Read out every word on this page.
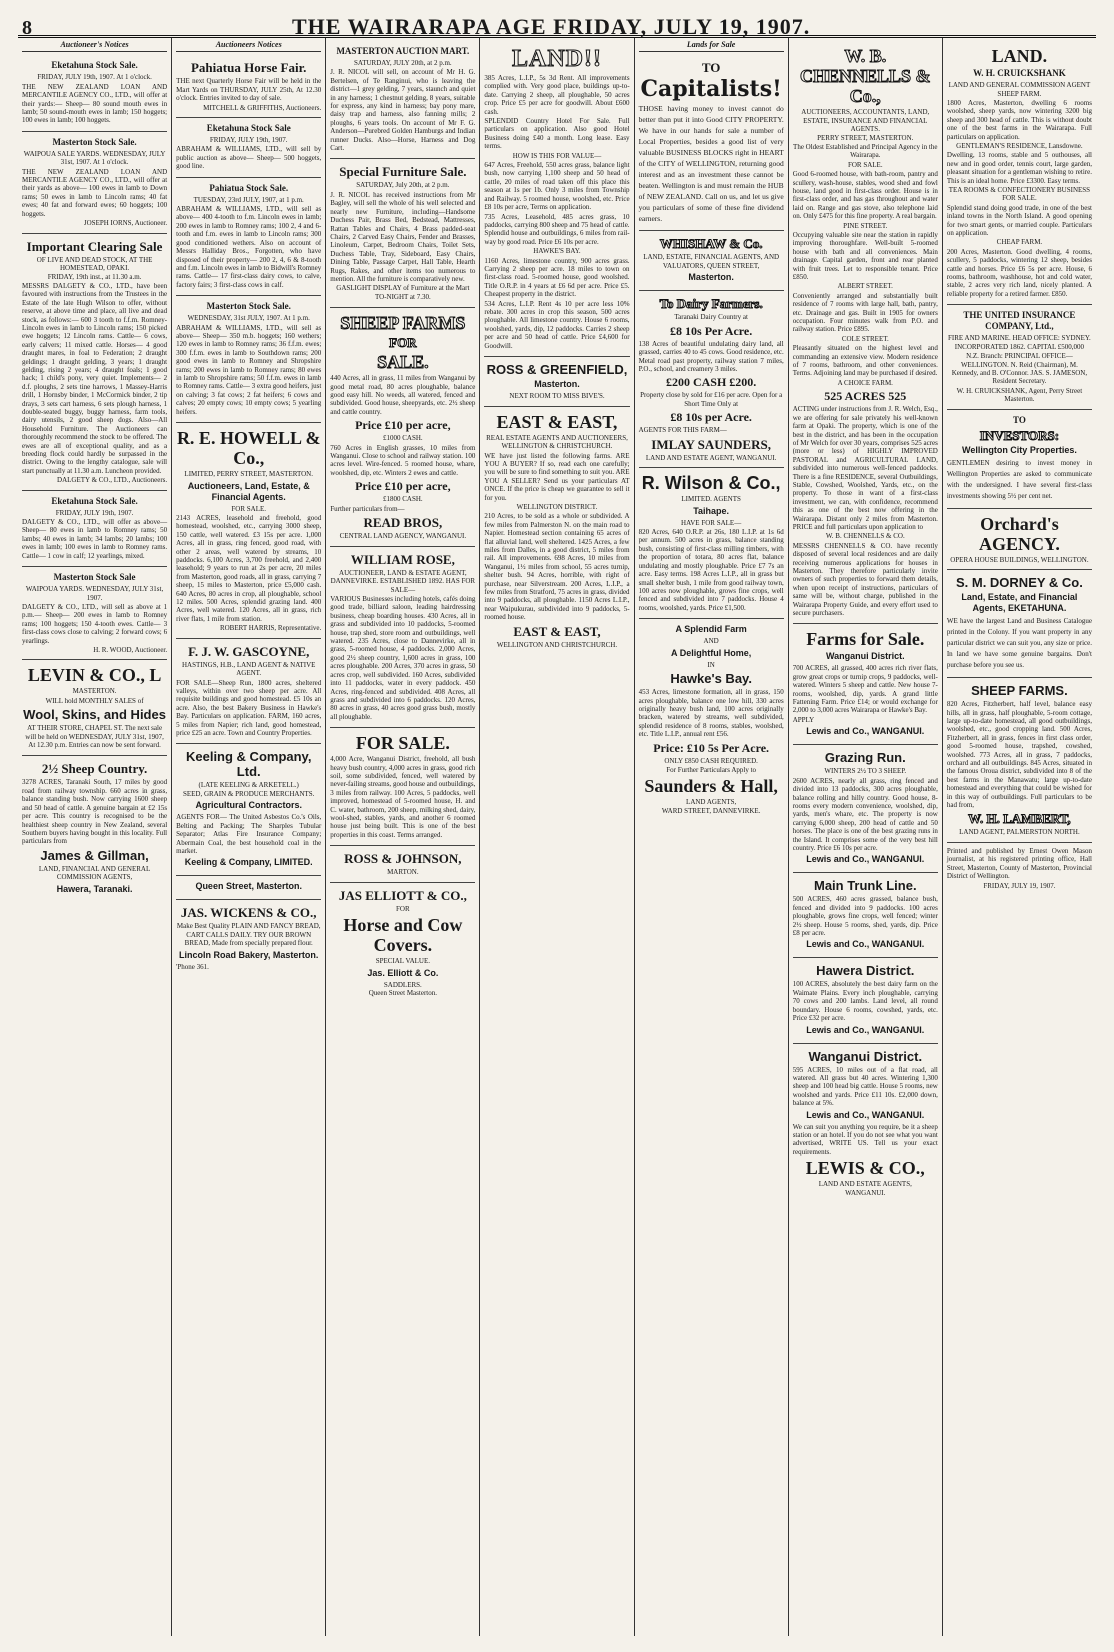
8	THE WAIRARAPA AGE FRIDAY, JULY 19, 1907.
Auctioneer's Notices
Eketahuna Stock Sale.
FRIDAY, JULY 19th, 1907. At 1 o'clock.

THE NEW ZEALAND LOAN AND MERCANTILE AGENCY CO., LTD., will offer at their yards:— Sheep— 80 sound mouth ewes in lamb; 50 sound-mouth ewes in lamb; 150 hoggets; 100 ewes in lamb; 100 hoggets.

Masterton Stock Sale.
WAIPOUA SALE YARDS. WEDNESDAY, JULY 31st, 1907. At 1 o'clock.

THE NEW ZEALAND LOAN AND MERCANTILE AGENCY CO., LTD., will offer at their yards as above— 100 ewes in lamb to Down rams; 50 ewes in lamb to Lincoln rams; 40 fat ewes; 40 fat and forward ewes; 60 hoggets; 100 hoggets.

JOSEPH IORNS, Auctioneer.
Important Clearing Sale
OF LIVE AND DEAD STOCK, AT THE HOMESTEAD, OPAKI.
FRIDAY, 19th inst., at 11.30 a.m.

MESSRS DALGETY & CO., LTD., have been favoured with instructions from the Trustees in the Estate of the late Hugh Wilson to offer, without reserve, at above time and place, all live and dead stock, as follows:— 600 3 tooth to f.f.m. Romney-Lincoln ewes in lamb to Lincoln rams; 150 picked ewe hoggets; 12 Lincoln rams. Cattle— 6 cows, early calvers; 11 mixed cattle. Horses— 4 good draught mares, in foal to Federation; 2 draught geldings; 1 draught gelding, 3 years; 1 draught gelding, rising 2 years; 4 draught foals; 1 good hack; 1 child's pony, very quiet. Implements— 2 d.f. ploughs, 2 sets tine harrows, 1 Massey-Harris drill, 1 Hornsby binder, 1 McCormick binder, 2 tip drays, 3 sets cart harness, 6 sets plough harness, 1 double-seated buggy, buggy harness, farm tools, dairy utensils, 2 good sheep dogs. Also—All Household Furniture. The Auctioneers can thoroughly recommend the stock to be offered. The ewes are all of exceptional quality, and as a breeding flock could hardly be surpassed in the district. Owing to the lengthy catalogue, sale will start punctually at 11.30 a.m. Luncheon provided.

DALGETY & CO., LTD., Auctioneers.
Eketahuna Stock Sale.
FRIDAY, JULY 19th, 1907.

DALGETY & CO., LTD., will offer as above— Sheep— 80 ewes in lamb to Romney rams; 50 lambs; 40 ewes in lamb; 34 lambs; 20 lambs; 100 ewes in lamb; 100 ewes in lamb to Romney rams. Cattle— 1 cow in calf; 12 yearlings, mixed.

Masterton Stock Sale
WAIPOUA YARDS. WEDNESDAY, JULY 31st, 1907.

DALGETY & CO., LTD., will sell as above at 1 p.m.— Sheep— 200 ewes in lamb to Romney rams; 100 hoggets; 150 4-tooth ewes. Cattle— 3 first-class cows close to calving; 2 forward cows; 6 yearlings.

H. R. WOOD, Auctioneer.
LEVIN & CO., L
MASTERTON.

WILL hold MONTHLY SALES of

Wool, Skins, and Hides

AT THEIR STORE, CHAPEL ST. The next sale will be held on WEDNESDAY, JULY 31st, 1907, At 12.30 p.m. Entries can now be sent forward.

2½ Sheep Country.

3278 ACRES, Taranaki South, 17 miles by good road from railway township. 660 acres in grass, balance standing bush. Now carrying 1600 sheep and 50 head of cattle. A genuine bargain at £2 15s per acre. This country is recognised to be the healthiest sheep country in New Zealand, several Southern buyers having bought in this locality. Full particulars from

James & Gillman,
LAND, FINANCIAL AND GENERAL COMMISSION AGENTS,
Hawera, Taranaki.
Auctioneers Notices
Pahiatua Horse Fair.

THE next Quarterly Horse Fair will be held in the Mart Yards on THURSDAY, JULY 25th, At 12.30 o'clock. Entries invited to day of sale.

MITCHELL & GRIFFITHS, Auctioneers.
Eketahuna Stock Sale
FRIDAY, JULY 19th, 1907.

ABRAHAM & WILLIAMS, LTD., will sell by public auction as above— Sheep— 500 hoggets, good line.

Pahiatua Stock Sale.
TUESDAY, 23rd JULY, 1907, at 1 p.m.

ABRAHAM & WILLIAMS, LTD., will sell as above— 400 4-tooth to f.m. Lincoln ewes in lamb; 200 ewes in lamb to Romney rams; 100 2, 4 and 6-tooth and f.m. ewes in lamb to Lincoln rams; 300 good conditioned wethers. Also on account of Messrs Halliday Bros., Forgotten, who have disposed of their property— 200 2, 4, 6 & 8-tooth and f.m. Lincoln ewes in lamb to Bidwill's Romney rams. Cattle— 17 first-class dairy cows, to calve, factory fairs; 3 first-class cows in calf.

Masterton Stock Sale.
WEDNESDAY, 31st JULY, 1907. At 1 p.m.

ABRAHAM & WILLIAMS, LTD., will sell as above— Sheep— 350 m.b. hoggets; 160 wethers; 120 ewes in lamb to Romney rams; 36 f.f.m. ewes; 300 f.f.m. ewes in lamb to Southdown rams; 200 good ewes in lamb to Romney and Shropshire rams; 200 ewes in lamb to Romney rams; 80 ewes in lamb to Shropshire rams; 50 f.f.m. ewes in lamb to Romney rams. Cattle— 3 extra good heifers, just on calving; 3 fat cows; 2 fat heifers; 6 cows and calves; 20 empty cows; 10 empty cows; 5 yearling heifers.

R. E. HOWELL & Co.,
LIMITED, PERRY STREET, MASTERTON.
Auctioneers, Land, Estate, & Financial Agents.
FOR SALE.

2143 ACRES, leasehold and freehold, good homestead, woolshed, etc., carrying 3000 sheep, 150 cattle, well watered. £3 15s per acre. 1,000 Acres, all in grass, ring fenced, good road, with other 2 areas, well watered by streams, 10 paddocks. 6,100 Acres, 3,700 freehold, and 2,400 leasehold; 9 years to run at 2s per acre, 20 miles from Masterton, good roads, all in grass, carrying 7 sheep, 15 miles to Masterton, price £5,000 cash. 640 Acres, 80 acres in crop, all ploughable, school 12 miles. 500 Acres, splendid grazing land. 400 Acres, well watered. 120 Acres, all in grass, rich river flats, 1 mile from station.

ROBERT HARRIS, Representative.
F. J. W. GASCOYNE,
HASTINGS, H.B., LAND AGENT & NATIVE AGENT.

FOR SALE—Sheep Run, 1800 acres, sheltered valleys, within over two sheep per acre. All requisite buildings and good homestead. £5 10s an acre. Also, the best Bakery Business in Hawke's Bay. Particulars on application. FARM, 160 acres, 5 miles from Napier; rich land, good homestead, price £25 an acre. Town and Country Properties.

Keeling & Company, Ltd.
(LATE KEELING & ARKETELL.)
SEED, GRAIN & PRODUCE MERCHANTS.
Agricultural Contractors.

AGENTS FOR— The United Asbestos Co.'s Oils, Belting and Packing; The Sharples Tubular Separator; Atlas Fire Insurance Company; Abermain Coal, the best household coal in the market.

Keeling & Company, LIMITED.
Queen Street, Masterton.
JAS. WICKENS & CO.,

Make Best Quality PLAIN AND FANCY BREAD, CART CALLS DAILY. TRY OUR BROWN BREAD, Made from specially prepared flour.

Lincoln Road Bakery, Masterton.
'Phone 361.
MASTERTON AUCTION MART.
SATURDAY, JULY 20th, at 2 p.m.

J. R. NICOL will sell, on account of Mr H. G. Bertelsen, of Te Ranginui, who is leaving the district—1 grey gelding, 7 years, staunch and quiet in any harness; 1 chestnut gelding, 8 years, suitable for express, any kind in harness; bay pony mare, daisy trap and harness, also fanning mills; 2 ploughs, 6 years tools. On account of Mr F. G. Anderson—Purebred Golden Hamburgs and Indian runner Ducks. Also—Horse, Harness and Dog Cart.

Special Furniture Sale.
SATURDAY, July 20th, at 2 p.m.

J. R. NICOL has received instructions from Mr Bagley, will sell the whole of his well selected and nearly new Furniture, including—Handsome Duchess Pair, Brass Bed, Bedstead, Mattresses, Rattan Tables and Chairs, 4 Brass padded-seat Chairs, 2 Carved Easy Chairs, Fender and Brasses, Linoleum, Carpet, Bedroom Chairs, Toilet Sets, Duchess Table, Tray, Sideboard, Easy Chairs, Dining Table, Passage Carpet, Hall Table, Hearth Rugs, Rakes, and other items too numerous to mention. All the furniture is comparatively new.

GASLIGHT DISPLAY of Furniture at the Mart TO-NIGHT at 7.30.

SHEEP FARMS
FOR
SALE.

440 Acres, all in grass, 11 miles from Wanganui by good metal road, 80 acres ploughable, balance good easy hill. No weeds, all watered, fenced and subdivided. Good house, sheepyards, etc. 2½ sheep and cattle country.

Price £10 per acre,
£1000 CASH.

760 Acres in English grasses, 10 miles from Wanganui. Close to school and railway station. 100 acres level. Wire-fenced. 5 roomed house, whare, woolshed, dip, etc. Winters 2 ewes and cattle.

Price £10 per acre,
£1800 CASH.

Further particulars from—

READ BROS,
CENTRAL LAND AGENCY, WANGANUI.
WILLIAM ROSE,
AUCTIONEER, LAND & ESTATE AGENT, DANNEVIRKE. ESTABLISHED 1892. HAS FOR SALE—

VARIOUS Businesses including hotels, cafés doing good trade, billiard saloon, leading hairdressing business, cheap boarding houses. 430 Acres, all in grass and subdivided into 10 paddocks, 5-roomed house, trap shed, store room and outbuildings, well watered. 235 Acres, close to Dannevirke, all in grass, 5-roomed house, 4 paddocks. 2,000 Acres, good 2½ sheep country, 1,600 acres in grass, 100 acres ploughable. 200 Acres, 370 acres in grass, 50 acres crop, well subdivided. 160 Acres, subdivided into 11 paddocks, water in every paddock. 450 Acres, ring-fenced and subdivided. 408 Acres, all grass and subdivided into 6 paddocks. 120 Acres, 80 acres in grass, 40 acres good grass bush, mostly all ploughable.

FOR SALE.

4,000 Acre, Wanganui District, freehold, all bush heavy bush country, 4,000 acres in grass, good rich soil, some subdivided, fenced, well watered by never-failing streams, good house and outbuildings, 3 miles from railway. 100 Acres, 5 paddocks, well improved, homestead of 5-roomed house, H. and C. water, bathroom, 200 sheep, milking shed, dairy, wool-shed, stables, yards, and another 6 roomed house just being built. This is one of the best properties in this coast. Terms arranged.

ROSS & JOHNSON,
MARTON.
JAS ELLIOTT & CO.,
FOR
Horse and Cow Covers.
SPECIAL VALUE.
Jas. Elliott & Co.
SADDLERS.
Queen Street Masterton.
LAND!!

385 Acres, L.I.P., 5s 3d Rent. All improvements complied with. Very good place, buildings up-to-date. Carrying 2 sheep, all ploughable, 50 acres crop. Price £5 per acre for goodwill. About £600 cash.

SPLENDID Country Hotel For Sale. Full particulars on application. Also good Hotel Business doing £40 a month. Long lease. Easy terms.

HOW IS THIS FOR VALUE—

647 Acres, Freehold, 550 acres grass, balance light bush, now carrying 1,100 sheep and 50 head of cattle, 20 miles of road taken off this place this season at 1s per 1b. Only 3 miles from Township and Railway. 5 roomed house, woolshed, etc. Price £8 10s per acre, Terms on application.

735 Acres, Leasehold, 485 acres grass, 10 paddocks, carrying 800 sheep and 75 head of cattle. Splendid house and outbuildings, 6 miles from rail-way by good road. Price £6 10s per acre.

HAWKE'S BAY.

1160 Acres, limestone country, 900 acres grass. Carrying 2 sheep per acre. 18 miles to town on first-class road. 5-roomed house, good woolshed. Title O.R.P. in 4 years at £6 6d per acre. Price £5. Cheapest property in the district.

534 Acres, L.I.P. Rent 4s 10 per acre less 10% rebate. 300 acres in crop this season, 500 acres ploughable. All limestone country. House 6 rooms, woolshed, yards, dip, 12 paddocks. Carries 2 sheep per acre and 50 head of cattle. Price £4,600 for Goodwill.

ROSS & GREENFIELD,
Masterton.
NEXT ROOM TO MISS BIVE'S.
EAST & EAST,
REAL ESTATE AGENTS AND AUCTIONEERS, WELLINGTON & CHRISTCHURCH.

WE have just listed the following farms. ARE YOU A BUYER? If so, read each one carefully; you will be sure to find something to suit you. ARE YOU A SELLER? Send us your particulars AT ONCE. If the price is cheap we guarantee to sell it for you.

WELLINGTON DISTRICT.

210 Acres, to be sold as a whole or subdivided. A few miles from Palmerston N. on the main road to Napier. Homestead section containing 65 acres of flat alluvial land, well sheltered. 1425 Acres, a few miles from Dalles, in a good district, 5 miles from rail. All improvements. 698 Acres, 10 miles from Wanganui, 1½ miles from school, 55 acres turnip, shelter bush. 94 Acres, horrible, with right of purchase, near Silverstream. 200 Acres, L.I.P., a few miles from Stratford, 75 acres in grass, divided into 9 paddocks, all ploughable. 1150 Acres L.I.P., near Waipukurau, subdivided into 9 paddocks, 5-roomed house.

EAST & EAST,
WELLINGTON AND CHRISTCHURCH.
Lands for Sale
TO
Capitalists!

THOSE having money to invest cannot do better than put it into Good CITY PROPERTY. We have in our hands for sale a number of Local Properties, besides a good list of very valuable BUSINESS BLOCKS right in HEART of the CITY of WELLINGTON, returning good interest and as an investment these cannot be beaten. Wellington is and must remain the HUB of NEW ZEALAND. Call on us, and let us give you particulars of some of these fine dividend earners.

WHISHAW & Co.
LAND, ESTATE, FINANCIAL AGENTS, AND VALUATORS, QUEEN STREET,
Masterton.
To Dairy Farmers.
Taranaki Dairy Country at
£8 10s Per Acre.

138 Acres of beautiful undulating dairy land, all grassed, carries 40 to 45 cows. Good residence, etc. Metal road past property, railway station 7 miles, P.O., school, and creamery 3 miles.

£200 CASH £200.

Property close by sold for £16 per acre. Open for a Short Time Only at

£8 10s per Acre.

AGENTS FOR THIS FARM—

IMLAY SAUNDERS,
LAND AND ESTATE AGENT, WANGANUI.
R. Wilson & Co.,
LIMITED. AGENTS
Taihape.
HAVE FOR SALE—

820 Acres, 640 O.R.P. at 26s, 180 L.I.P. at 1s 6d per annum. 500 acres in grass, balance standing bush, consisting of first-class milling timbers, with the proportion of totara, 80 acres flat, balance undulating and mostly ploughable. Price £7 7s an acre. Easy terms. 198 Acres L.I.P., all in grass but small shelter bush, 1 mile from good railway town, 100 acres now ploughable, grows fine crops, well fenced and subdivided into 7 paddocks. House 4 rooms, woolshed, yards. Price £1,500.

A Splendid Farm
AND
A Delightful Home,
IN
Hawke's Bay.

453 Acres, limestone formation, all in grass, 150 acres ploughable, balance one low hill, 330 acres originally heavy bush land, 100 acres originally bracken, watered by streams, well subdivided, splendid residence of 8 rooms, stables, woolshed, etc. Title L.I.P., annual rent £56.

Price: £10 5s Per Acre.
ONLY £850 CASH REQUIRED.

For Further Particulars Apply to

Saunders & Hall,
LAND AGENTS,
WARD STREET, DANNEVIRKE.
W. B. CHENNELLS & Co.,
AUCTIONEERS, ACCOUNTANTS, LAND, ESTATE, INSURANCE AND FINANCIAL AGENTS.
PERRY STREET, MASTERTON.

The Oldest Established and Principal Agency in the Wairarapa.

FOR SALE.

Good 6-roomed house, with bath-room, pantry and scullery, wash-house, stables, wood shed and fowl house, land good in first-class order. House is in first-class order, and has gas throughout and water laid on. Range and gas stove, also telephone laid on. Only £475 for this fine property. A real bargain.

PINE STREET.

Occupying valuable site near the station in rapidly improving thoroughfare. Well-built 5-roomed house with bath and all conveniences. Main drainage. Capital garden, front and rear planted with fruit trees. Let to responsible tenant. Price £850.

ALBERT STREET.

Conveniently arranged and substantially built residence of 7 rooms with large hall, bath, pantry, etc. Drainage and gas. Built in 1905 for owners occupation. Four minutes walk from P.O. and railway station. Price £895.

COLE STREET.

Pleasantly situated on the highest level and commanding an extensive view. Modern residence of 7 rooms, bathroom, and other conveniences. Terms. Adjoining land may be purchased if desired.

A CHOICE FARM.
525 ACRES 525

ACTING under instructions from J. R. Welch, Esq., we are offering for sale privately his well-known farm at Opaki. The property, which is one of the best in the district, and has been in the occupation of Mr Welch for over 30 years, comprises 525 acres (more or less) of HIGHLY IMPROVED PASTORAL and AGRICULTURAL LAND, subdivided into numerous well-fenced paddocks. There is a fine RESIDENCE, several Outbuildings, Stable, Cowshed, Woolshed, Yards, etc., on the property. To those in want of a first-class investment, we can, with confidence, recommend this as one of the best now offering in the Wairarapa. Distant only 2 miles from Masterton. PRICE and full particulars upon application to

W. B. CHENNELLS & CO.

MESSRS CHENNELLS & CO. have recently disposed of several local residences and are daily receiving numerous applications for houses in Masterton. They therefore particularly invite owners of such properties to forward them details, when upon receipt of instructions, particulars of same will be, without charge, published in the Wairarapa Property Guide, and every effort used to secure purchasers.

Farms for Sale.
Wanganui District.

700 ACRES, all grassed, 400 acres rich river flats, grow great crops or turnip crops, 9 paddocks, well-watered. Winters 5 sheep and cattle. New house 7-rooms, woolshed, dip, yards. A grand little Fattening Farm. Price £14; or would exchange for 2,000 to 3,000 acres Wairarapa or Hawke's Bay.

APPLY
Lewis and Co., WANGANUI.
Grazing Run.
WINTERS 2½ TO 3 SHEEP.

2600 ACRES, nearly all grass, ring fenced and divided into 13 paddocks, 300 acres ploughable, balance rolling and hilly country. Good house, 8-rooms every modern convenience, woolshed, dip, yards, men's whare, etc. The property is now carrying 6,000 sheep, 200 head of cattle and 50 horses. The place is one of the best grazing runs in the Island. It comprises some of the very best hill country. Price £6 10s per acre.

Lewis and Co., WANGANUI.
Main Trunk Line.

500 ACRES, 460 acres grassed, balance bush, fenced and divided into 9 paddocks. 100 acres ploughable, grows fine crops, well fenced; winter 2½ sheep. House 5 rooms, shed, yards, dip. Price £8 per acre.

Lewis and Co., WANGANUI.
Hawera District.

100 ACRES, absolutely the best dairy farm on the Waimate Plains. Every inch ploughable, carrying 70 cows and 200 lambs. Land level, all round boundary. House 6 rooms, cowshed, yards, etc. Price £32 per acre.

Lewis and Co., WANGANUI.
Wanganui District.

595 ACRES, 10 miles out of a flat road, all watered. All grass but 40 acres. Wintering 1,300 sheep and 100 head big cattle. House 5 rooms, new woolshed and yards. Price £11 10s. £2,000 down, balance at 5%.

Lewis and Co., WANGANUI.

We can suit you anything you require, be it a sheep station or an hotel. If you do not see what you want advertised, WRITE US. Tell us your exact requirements.

LEWIS & CO.,
LAND AND ESTATE AGENTS,
WANGANUI.
LAND.
W. H. CRUICKSHANK
LAND AND GENERAL COMMISSION AGENT
SHEEP FARM.

1800 Acres, Masterton, dwelling 6 rooms woolshed, sheep yards, now wintering 3200 big sheep and 300 head of cattle. This is without doubt one of the best farms in the Wairarapa. Full particulars on application.

GENTLEMAN'S RESIDENCE, Lansdowne.

Dwelling, 13 rooms, stable and 5 outhouses, all new and in good order, tennis court, large garden, pleasant situation for a gentleman wishing to retire. This is an ideal home. Price £3300. Easy terms.

TEA ROOMS & CONFECTIONERY BUSINESS FOR SALE.

Splendid stand doing good trade, in one of the best inland towns in the North Island. A good opening for two smart gents, or married couple. Particulars on application.

CHEAP FARM.

200 Acres, Masterton. Good dwelling, 4 rooms, scullery, 5 paddocks, wintering 12 sheep, besides cattle and horses. Price £6 5s per acre. House, 6 rooms, bathroom, washhouse, hot and cold water, stable, 2 acres very rich land, nicely planted. A reliable property for a retired farmer. £850.

THE UNITED INSURANCE COMPANY, Ltd.,
FIRE AND MARINE. HEAD OFFICE: SYDNEY. INCORPORATED 1862. CAPITAL £500,000

N.Z. Branch: PRINCIPAL OFFICE—WELLINGTON. N. Reid (Chairman), M. Kennedy, and B. O'Connor. JAS. S. JAMESON, Resident Secretary.

W. H. CRUICKSHANK, Agent, Perry Street Masterton.
TO
INVESTORS:
Wellington City Properties.

GENTLEMEN desiring to invest money in Wellington Properties are asked to communicate with the undersigned. I have several first-class investments showing 5½ per cent net.

Orchard's AGENCY.
OPERA HOUSE BUILDINGS, WELLINGTON.
S. M. DORNEY & Co.
Land, Estate, and Financial Agents, EKETAHUNA.

WE have the largest Land and Business Catalogue printed in the Colony. If you want property in any particular district we can suit you, any size or price. In land we have some genuine bargains. Don't purchase before you see us.

SHEEP FARMS.

820 Acres, Fitzherbert, half level, balance easy hills, all in grass, half ploughable, 5-room cottage, large up-to-date homestead, all good outbuildings, woolshed, etc., good cropping land. 500 Acres, Fitzherbert, all in grass, fences in first class order, good 5-roomed house, trapshed, cowshed, woolshed. 773 Acres, all in grass, 7 paddocks, orchard and all outbuildings. 845 Acres, situated in the famous Oroua district, subdivided into 8 of the best farms in the Manawatu; large up-to-date homestead and everything that could be wished for in this way of outbuildings. Full particulars to be had from,

W. H. LAMBERT,
LAND AGENT, PALMERSTON NORTH.

Printed and published by Ernest Owen Mason journalist, at his registered printing office, Hall Street, Masterton, County of Masterton, Provincial District of Wellington.

FRIDAY, JULY 19, 1907.
